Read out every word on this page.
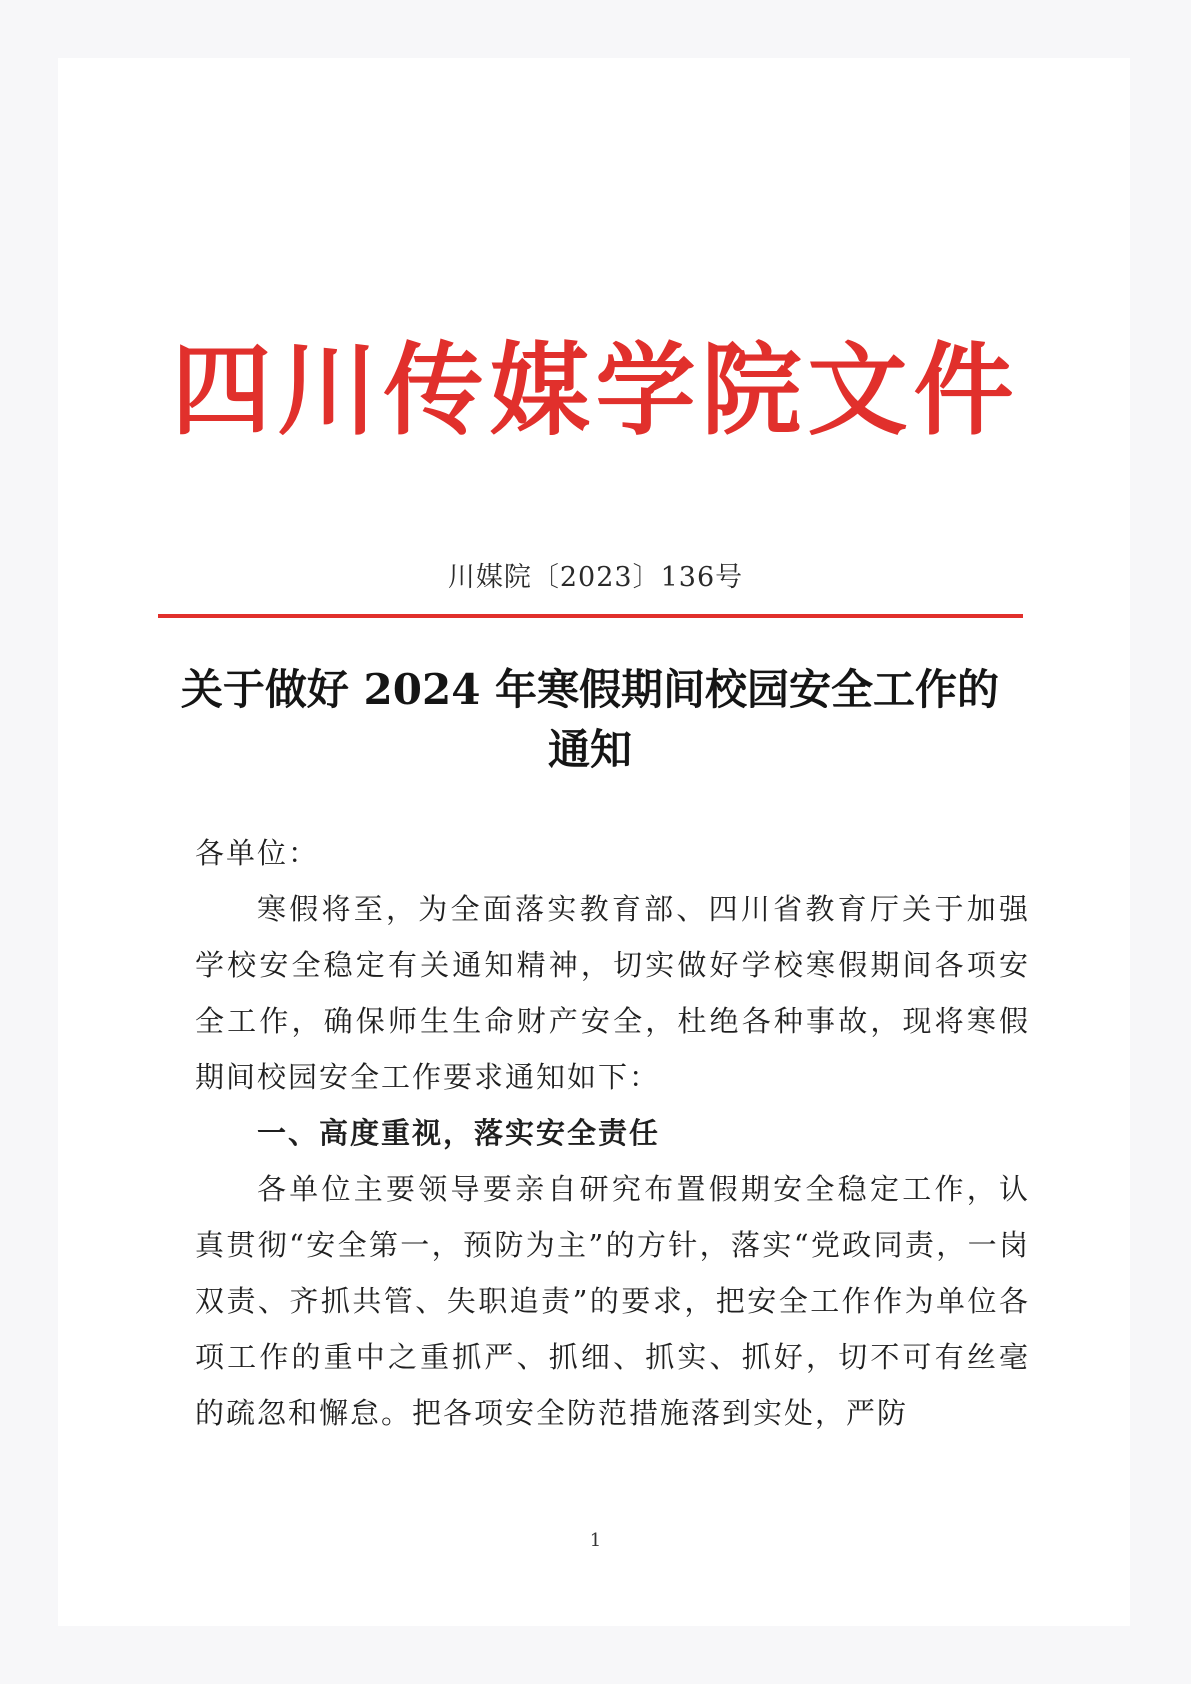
四川传媒学院文件
川媒院〔2023〕136号
关于做好 2024 年寒假期间校园安全工作的
通知

各单位：

寒假将至，为全面落实教育部、四川省教育厅关于加强学校安全稳定有关通知精神，切实做好学校寒假期间各项安全工作，确保师生生命财产安全，杜绝各种事故，现将寒假期间校园安全工作要求通知如下：

一、高度重视，落实安全责任

各单位主要领导要亲自研究布置假期安全稳定工作，认真贯彻“安全第一，预防为主”的方针，落实“党政同责，一岗双责、齐抓共管、失职追责”的要求，把安全工作作为单位各项工作的重中之重抓严、抓细、抓实、抓好，切不可有丝毫的疏忽和懈怠。把各项安全防范措施落到实处，严防

1
